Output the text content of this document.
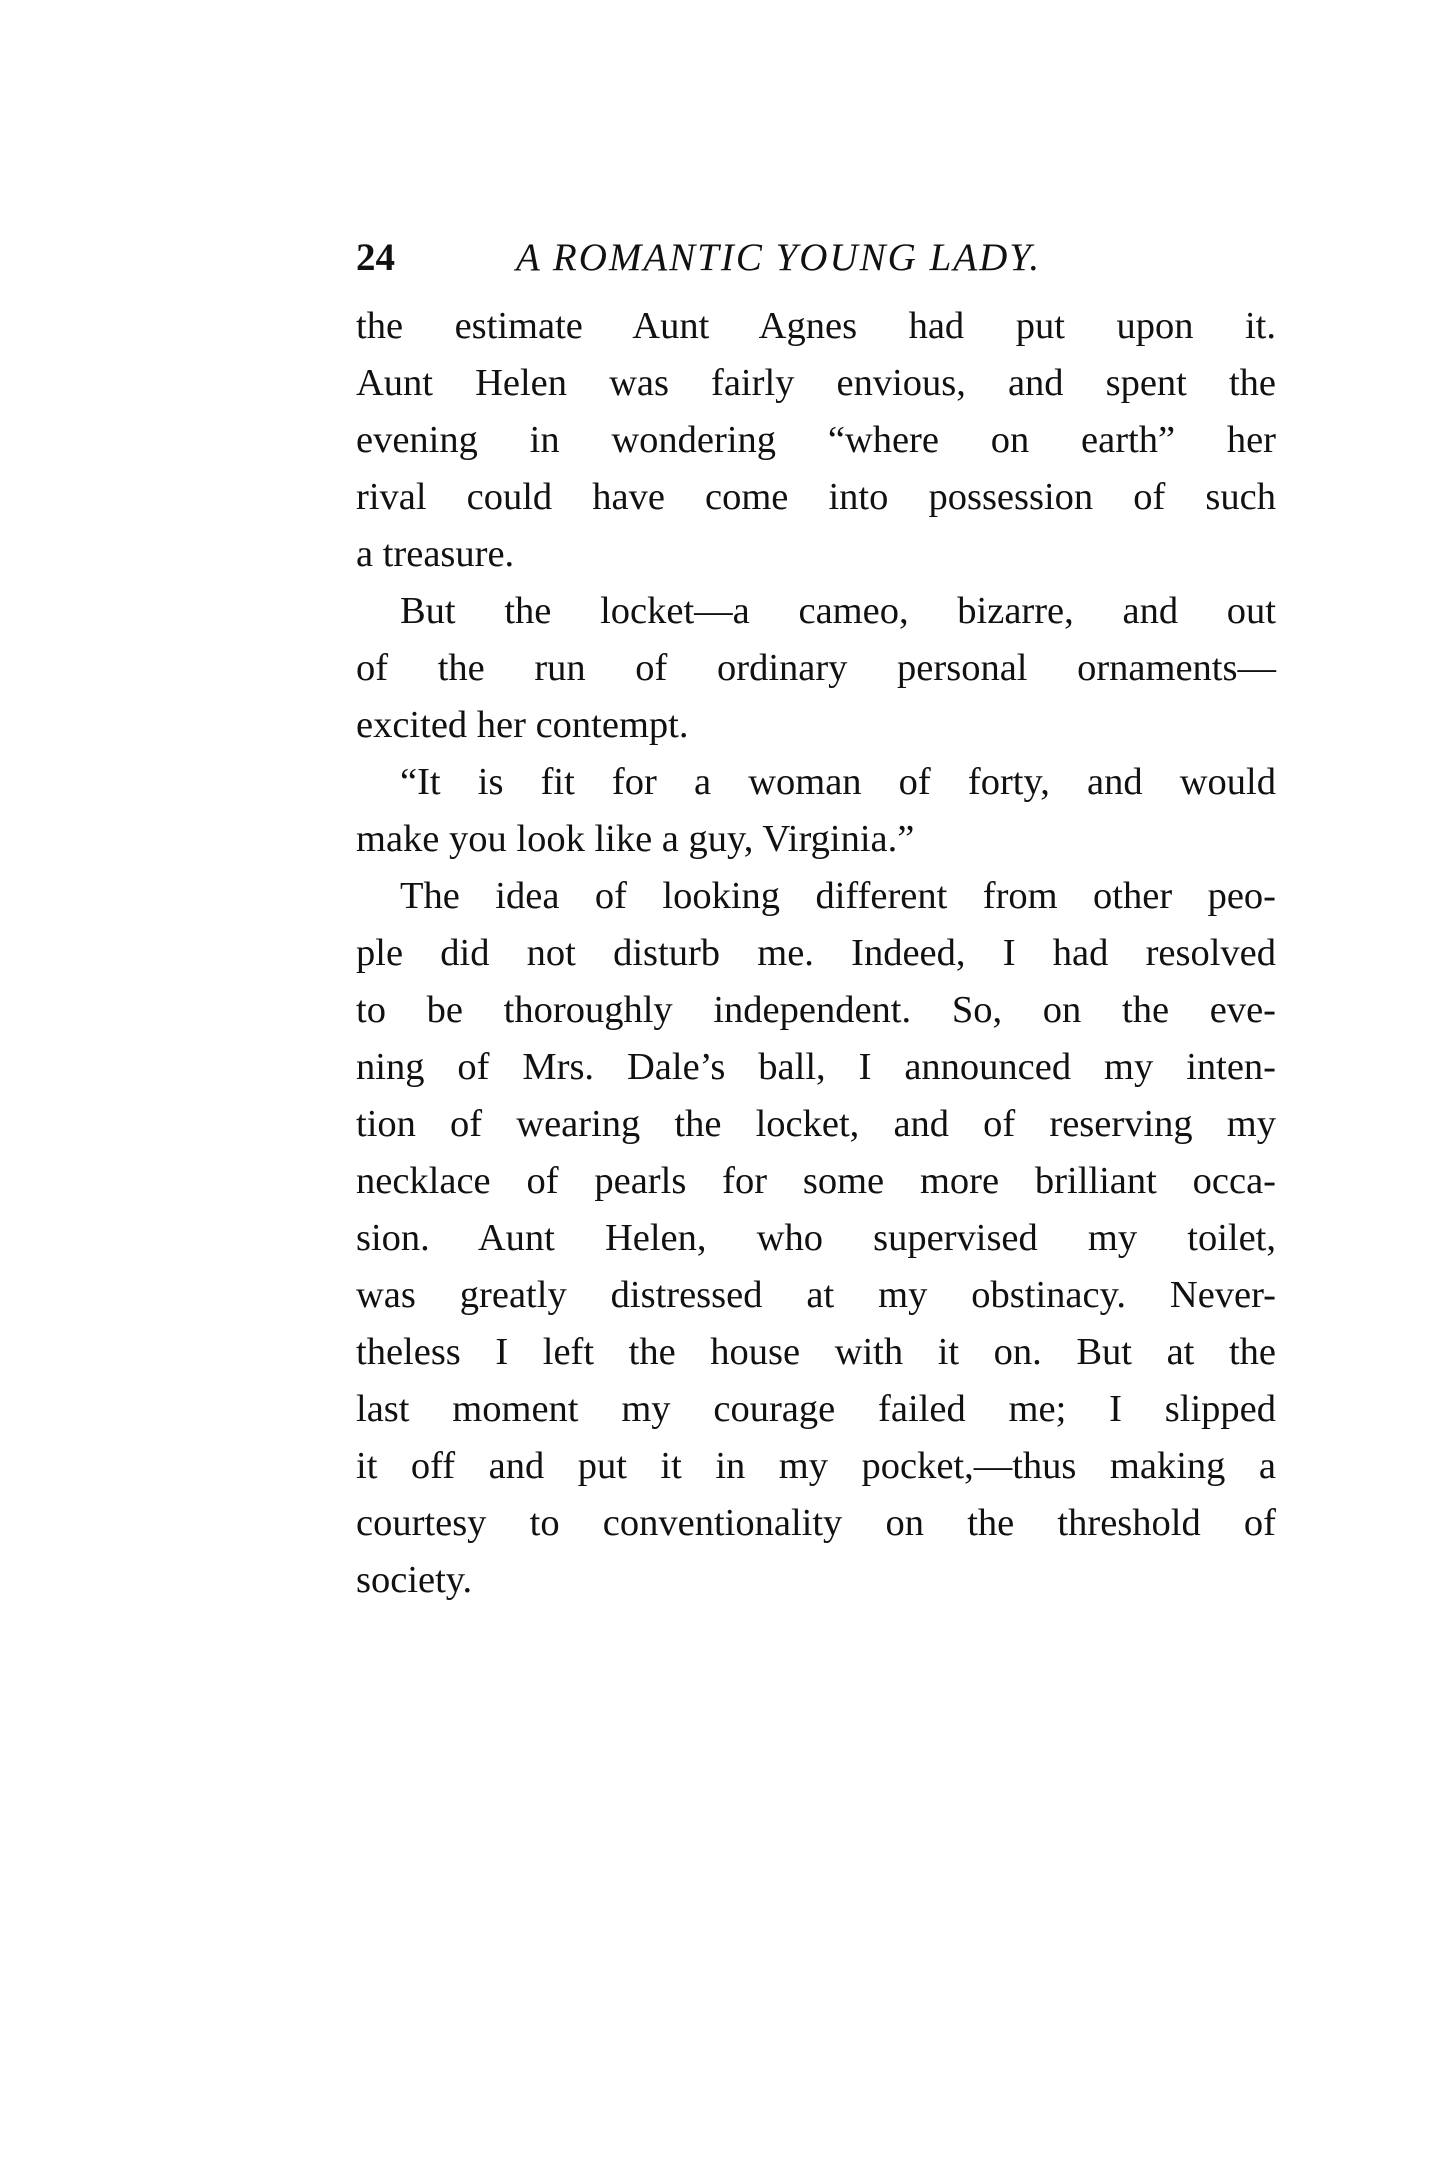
24	A ROMANTIC YOUNG LADY.
the estimate Aunt Agnes had put upon it.
Aunt Helen was fairly envious, and spent the
evening in wondering “where on earth” her
rival could have come into possession of such
a treasure.
But the locket—a cameo, bizarre, and out
of the run of ordinary personal ornaments—
excited her contempt.
“It is fit for a woman of forty, and would
make you look like a guy, Virginia.”
The idea of looking different from other peo-
ple did not disturb me. Indeed, I had resolved
to be thoroughly independent. So, on the eve-
ning of Mrs. Dale’s ball, I announced my inten-
tion of wearing the locket, and of reserving my
necklace of pearls for some more brilliant occa-
sion. Aunt Helen, who supervised my toilet,
was greatly distressed at my obstinacy. Never-
theless I left the house with it on. But at the
last moment my courage failed me; I slipped
it off and put it in my pocket,—thus making a
courtesy to conventionality on the threshold of
society.
